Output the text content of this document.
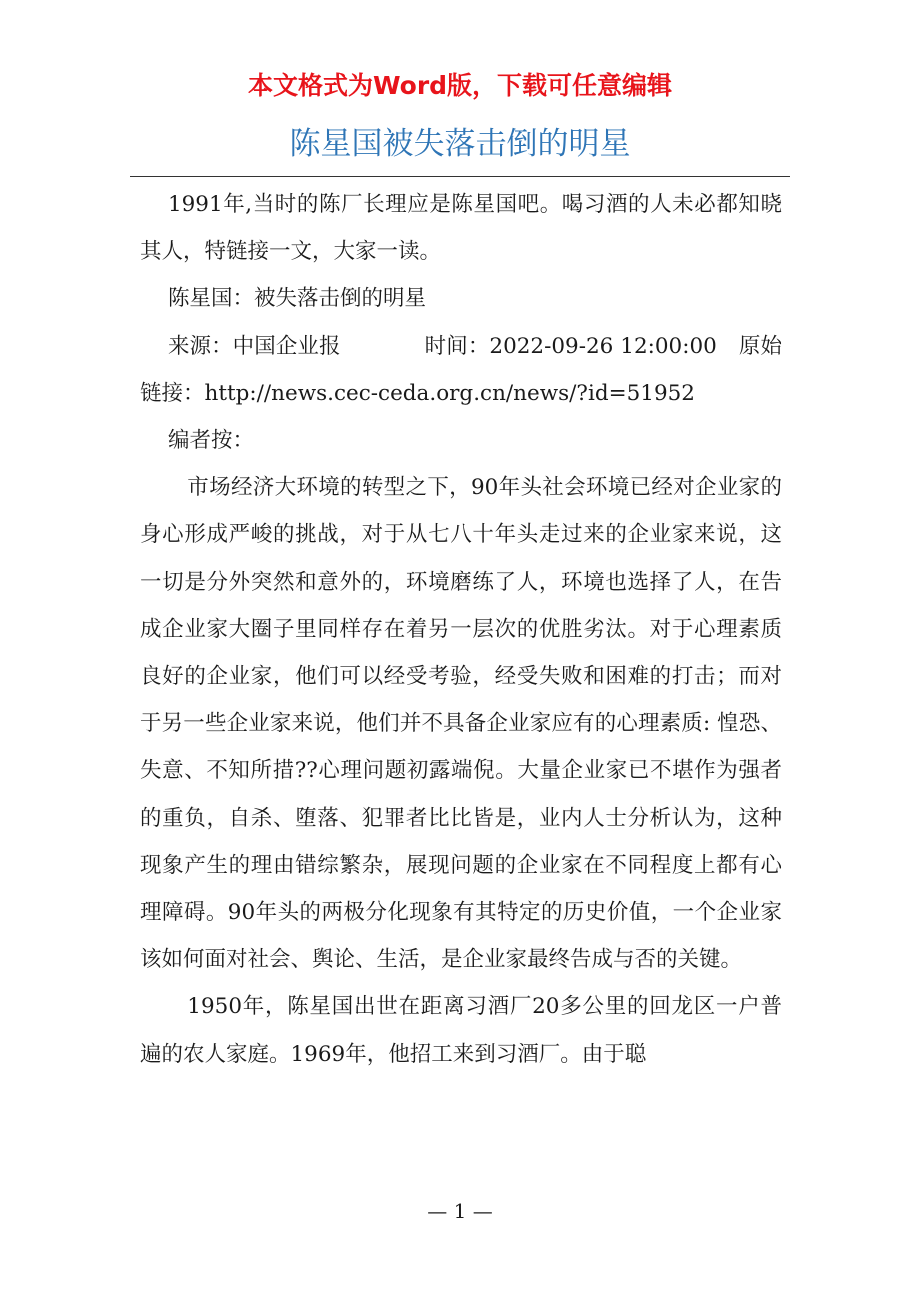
本文格式为Word版，下载可任意编辑
陈星国被失落击倒的明星

1991年,当时的陈厂长理应是陈星国吧。喝习酒的人未必都知晓其人，特链接一文，大家一读。

陈星国：被失落击倒的明星

来源：中国企业报	时间：2022-09-26 12:00:00 原始链接：http://news.cec-ceda.org.cn/news/?id=51952

编者按：

市场经济大环境的转型之下，90年头社会环境已经对企业家的身心形成严峻的挑战，对于从七八十年头走过来的企业家来说，这一切是分外突然和意外的，环境磨练了人，环境也选择了人，在告成企业家大圈子里同样存在着另一层次的优胜劣汰。对于心理素质良好的企业家，他们可以经受考验，经受失败和困难的打击；而对于另一些企业家来说，他们并不具备企业家应有的心理素质: 惶恐、失意、不知所措??心理问题初露端倪。大量企业家已不堪作为强者的重负，自杀、堕落、犯罪者比比皆是，业内人士分析认为，这种现象产生的理由错综繁杂，展现问题的企业家在不同程度上都有心理障碍。90年头的两极分化现象有其特定的历史价值，一个企业家该如何面对社会、舆论、生活，是企业家最终告成与否的关键。

1950年，陈星国出世在距离习酒厂20多公里的回龙区一户普遍的农人家庭。1969年，他招工来到习酒厂。由于聪

— 1 —
